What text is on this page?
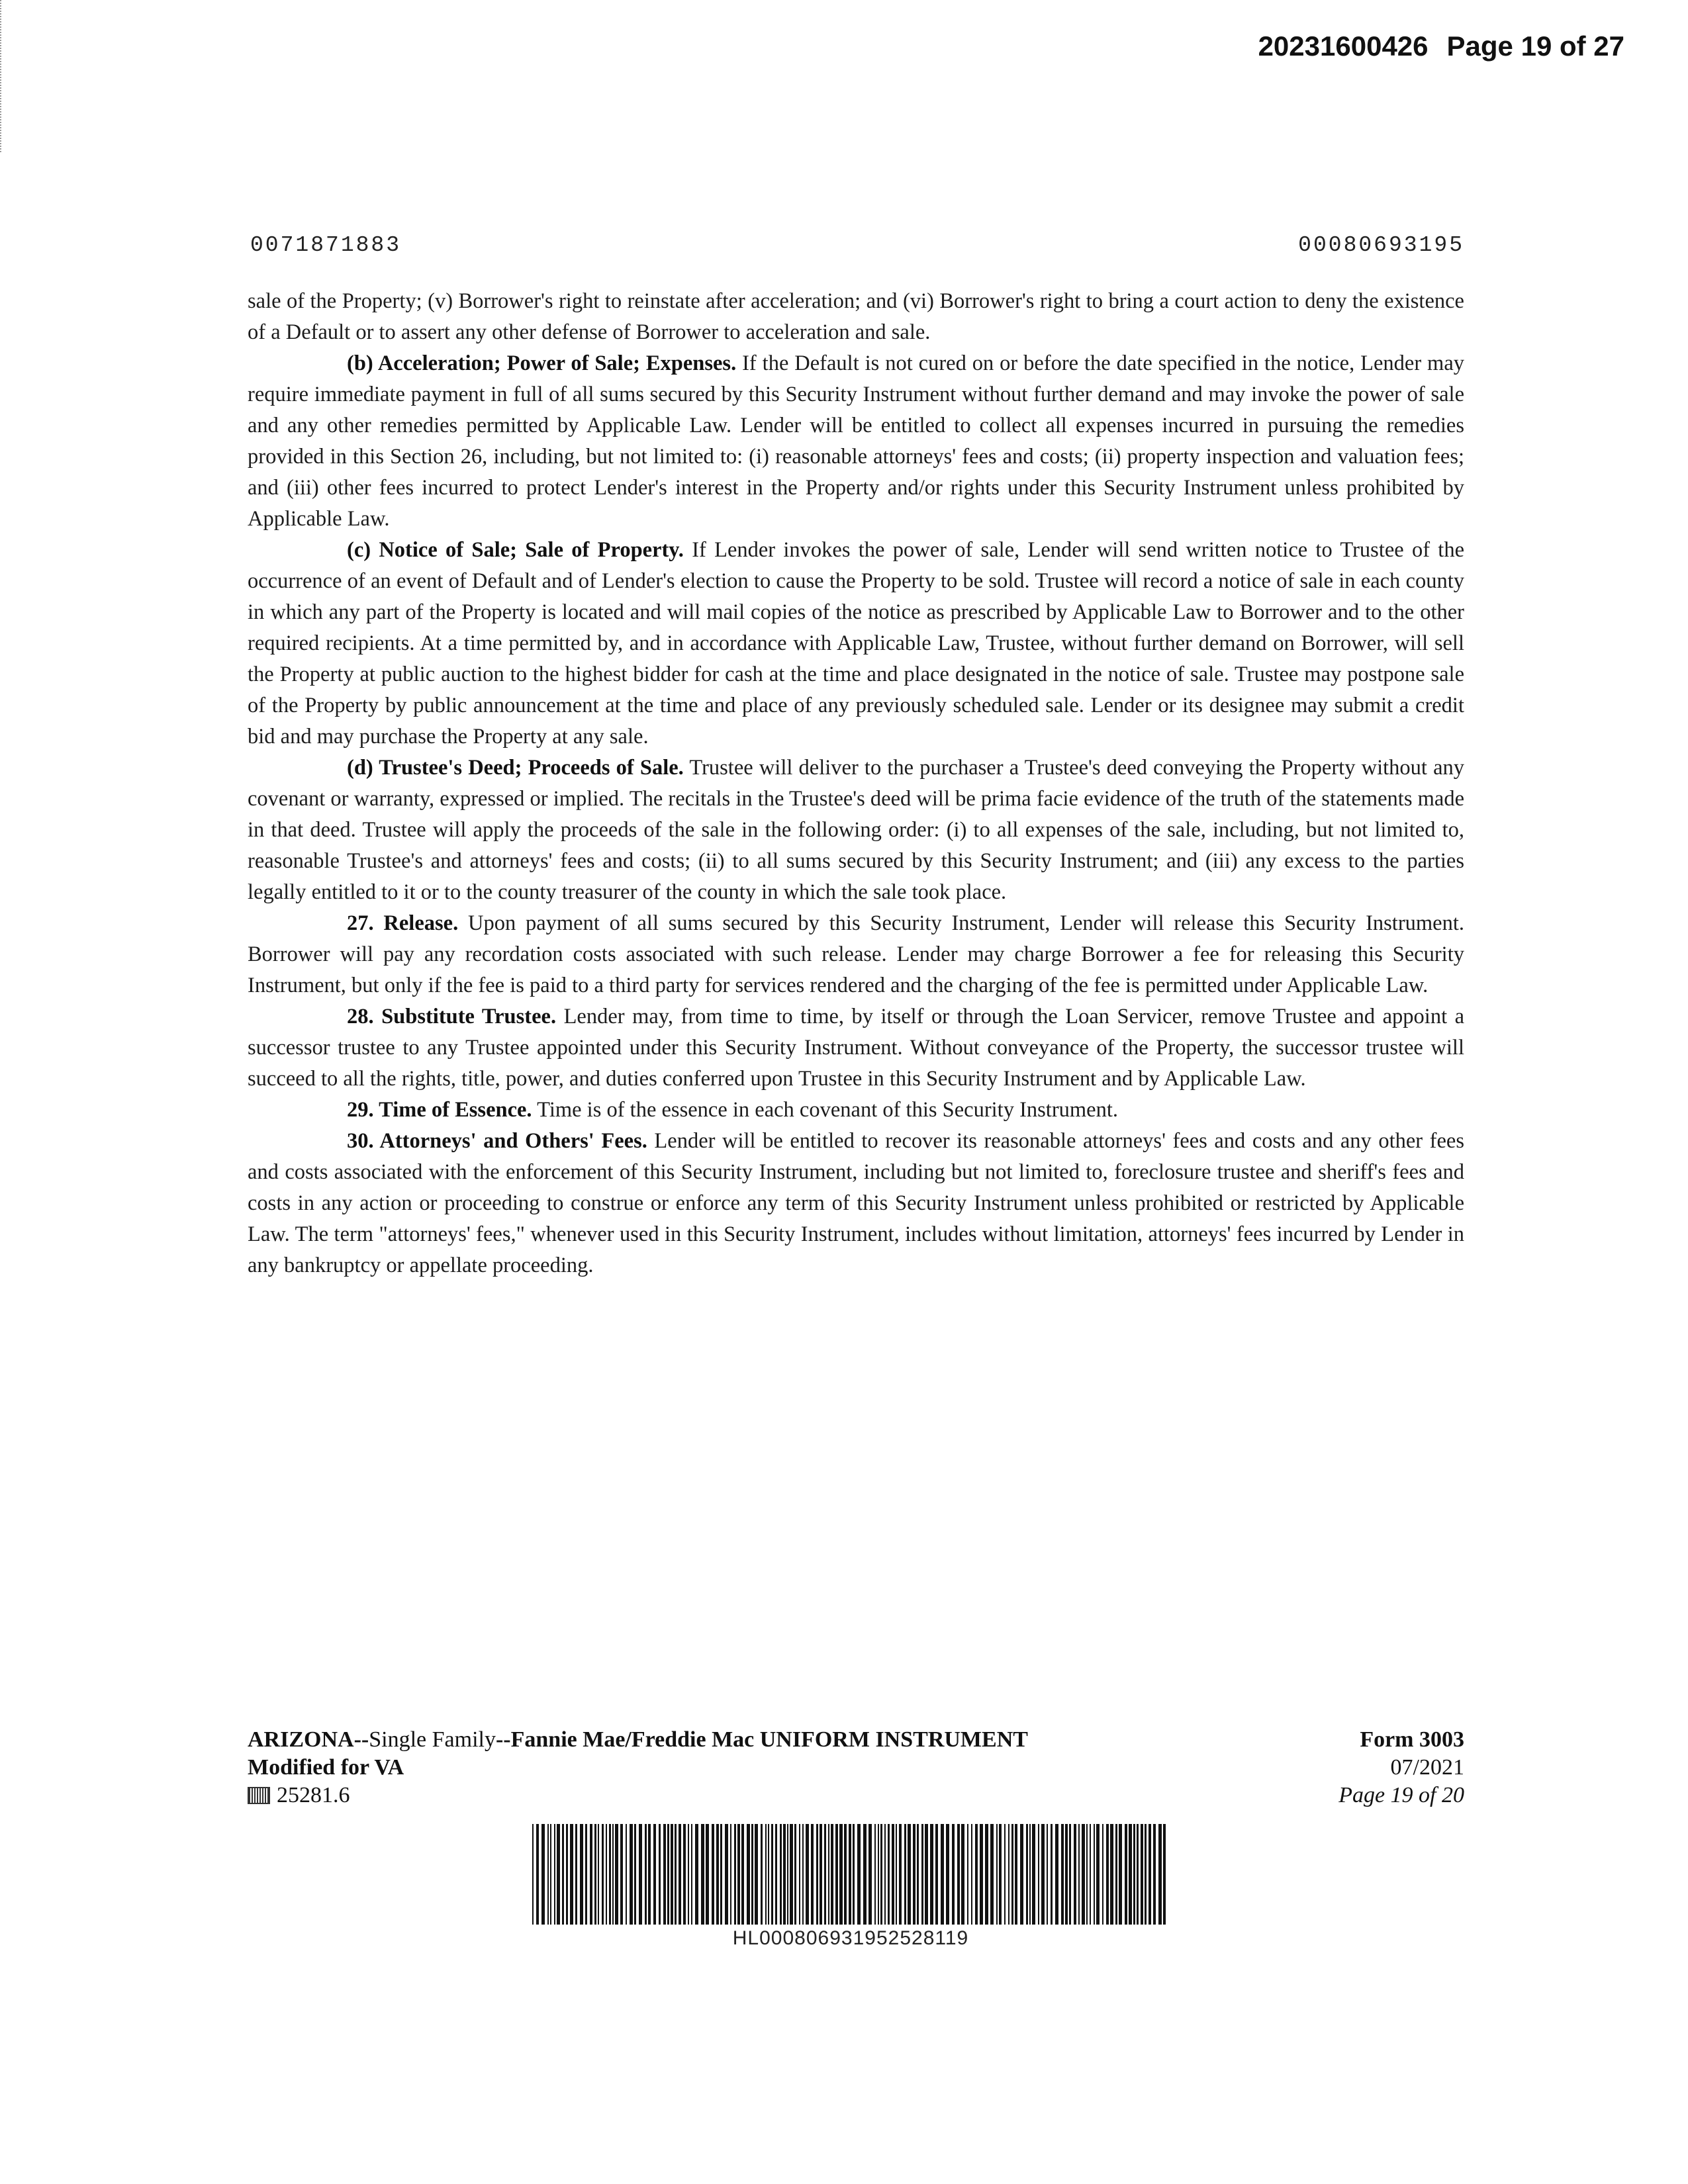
20231600426 Page 19 of 27
0071871883	00080693195

sale of the Property; (v) Borrower's right to reinstate after acceleration; and (vi) Borrower's right to bring a court action to deny the existence of a Default or to assert any other defense of Borrower to acceleration and sale.

(b) Acceleration; Power of Sale; Expenses. If the Default is not cured on or before the date specified in the notice, Lender may require immediate payment in full of all sums secured by this Security Instrument without further demand and may invoke the power of sale and any other remedies permitted by Applicable Law. Lender will be entitled to collect all expenses incurred in pursuing the remedies provided in this Section 26, including, but not limited to: (i) reasonable attorneys' fees and costs; (ii) property inspection and valuation fees; and (iii) other fees incurred to protect Lender's interest in the Property and/or rights under this Security Instrument unless prohibited by Applicable Law.

(c) Notice of Sale; Sale of Property. If Lender invokes the power of sale, Lender will send written notice to Trustee of the occurrence of an event of Default and of Lender's election to cause the Property to be sold. Trustee will record a notice of sale in each county in which any part of the Property is located and will mail copies of the notice as prescribed by Applicable Law to Borrower and to the other required recipients. At a time permitted by, and in accordance with Applicable Law, Trustee, without further demand on Borrower, will sell the Property at public auction to the highest bidder for cash at the time and place designated in the notice of sale. Trustee may postpone sale of the Property by public announcement at the time and place of any previously scheduled sale. Lender or its designee may submit a credit bid and may purchase the Property at any sale.

(d) Trustee's Deed; Proceeds of Sale. Trustee will deliver to the purchaser a Trustee's deed conveying the Property without any covenant or warranty, expressed or implied. The recitals in the Trustee's deed will be prima facie evidence of the truth of the statements made in that deed. Trustee will apply the proceeds of the sale in the following order: (i) to all expenses of the sale, including, but not limited to, reasonable Trustee's and attorneys' fees and costs; (ii) to all sums secured by this Security Instrument; and (iii) any excess to the parties legally entitled to it or to the county treasurer of the county in which the sale took place.

27. Release. Upon payment of all sums secured by this Security Instrument, Lender will release this Security Instrument. Borrower will pay any recordation costs associated with such release. Lender may charge Borrower a fee for releasing this Security Instrument, but only if the fee is paid to a third party for services rendered and the charging of the fee is permitted under Applicable Law.

28. Substitute Trustee. Lender may, from time to time, by itself or through the Loan Servicer, remove Trustee and appoint a successor trustee to any Trustee appointed under this Security Instrument. Without conveyance of the Property, the successor trustee will succeed to all the rights, title, power, and duties conferred upon Trustee in this Security Instrument and by Applicable Law.

29. Time of Essence. Time is of the essence in each covenant of this Security Instrument.

30. Attorneys' and Others' Fees. Lender will be entitled to recover its reasonable attorneys' fees and costs and any other fees and costs associated with the enforcement of this Security Instrument, including but not limited to, foreclosure trustee and sheriff's fees and costs in any action or proceeding to construe or enforce any term of this Security Instrument unless prohibited or restricted by Applicable Law. The term "attorneys' fees," whenever used in this Security Instrument, includes without limitation, attorneys' fees incurred by Lender in any bankruptcy or appellate proceeding.

ARIZONA--Single Family--Fannie Mae/Freddie Mac UNIFORM INSTRUMENT
Modified for VA
25281.6
Form 3003
07/2021
Page 19 of 20
HL00080693195252811​9
